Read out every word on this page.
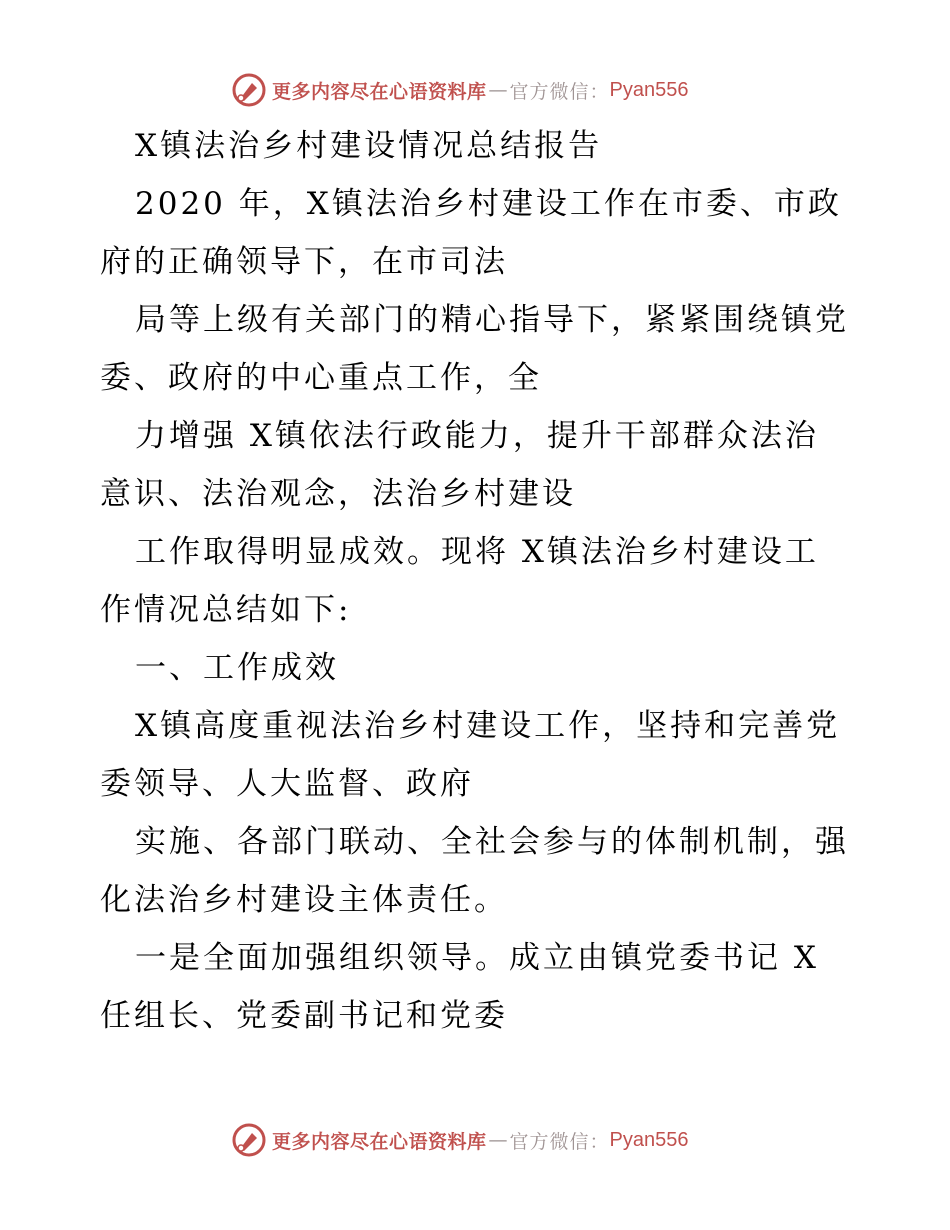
更多内容尽在心语资料库 — 官方微信： Pyan556
X镇法治乡村建设情况总结报告
2020 年，X镇法治乡村建设工作在市委、市政
府的正确领导下，在市司法
局等上级有关部门的精心指导下，紧紧围绕镇党
委、政府的中心重点工作，全
力增强 X镇依法行政能力，提升干部群众法治
意识、法治观念，法治乡村建设
工作取得明显成效。现将 X镇法治乡村建设工
作情况总结如下:
一、工作成效
X镇高度重视法治乡村建设工作，坚持和完善党
委领导、人大监督、政府
实施、各部门联动、全社会参与的体制机制，强
化法治乡村建设主体责任。
一是全面加强组织领导。成立由镇党委书记 X
任组长、党委副书记和党委
更多内容尽在心语资料库 — 官方微信： Pyan556
